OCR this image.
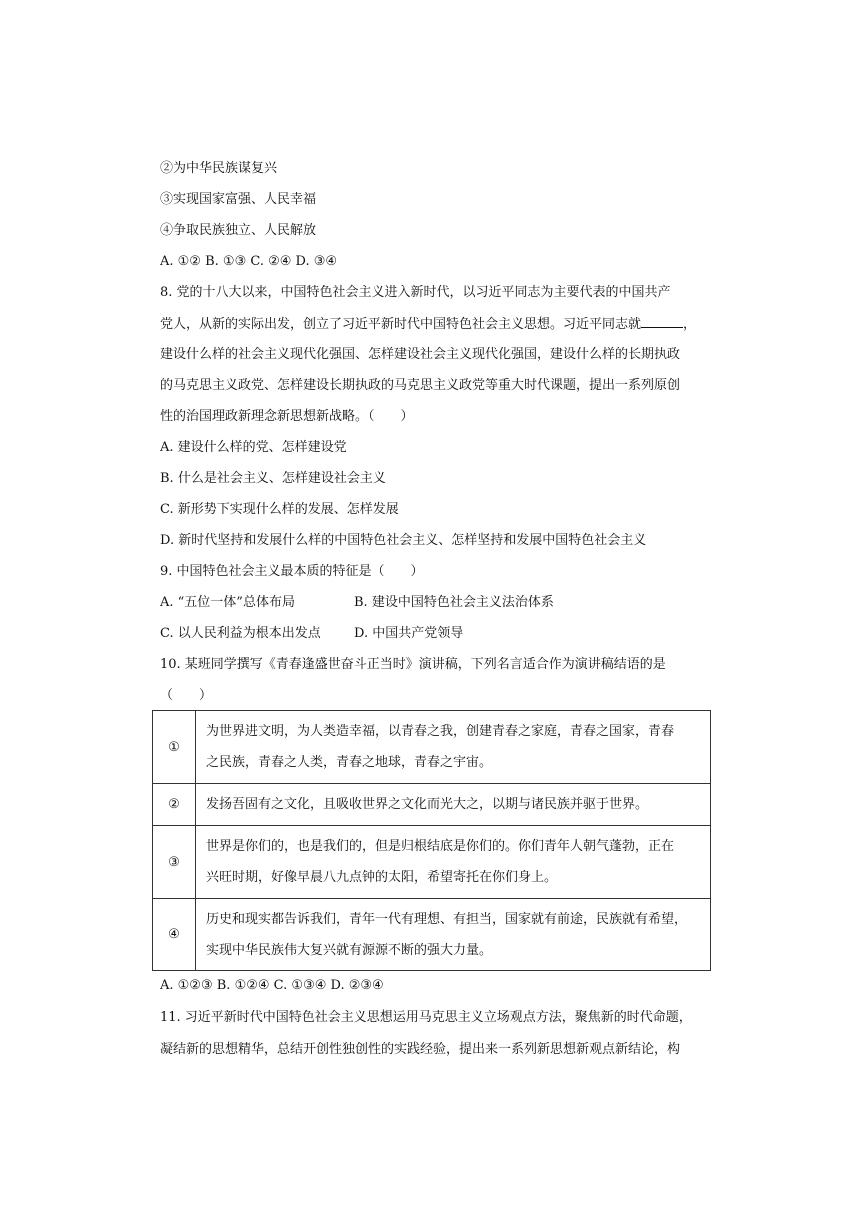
②为中华民族谋复兴
③实现国家富强、人民幸福
④争取民族独立、人民解放
A. ①② B. ①③ C. ②④ D. ③④
8. 党的十八大以来，中国特色社会主义进入新时代，以习近平同志为主要代表的中国共产
党人，从新的实际出发，创立了习近平新时代中国特色社会主义思想。习近平同志就	，
建设什么样的社会主义现代化强国、怎样建设社会主义现代化强国，建设什么样的长期执政
的马克思主义政党、怎样建设长期执政的马克思主义政党等重大时代课题，提出一系列原创
性的治国理政新理念新思想新战略。（　　）
A. 建设什么样的党、怎样建设党
B. 什么是社会主义、怎样建设社会主义
C. 新形势下实现什么样的发展、怎样发展
D. 新时代坚持和发展什么样的中国特色社会主义、怎样坚持和发展中国特色社会主义
9. 中国特色社会主义最本质的特征是（　　）
A. “五位一体”总体布局	B. 建设中国特色社会主义法治体系
C. 以人民利益为根本出发点	D. 中国共产党领导
10. 某班同学撰写《青春逢盛世奋斗正当时》演讲稿，下列名言适合作为演讲稿结语的是
（　　）
①	为世界进文明，为人类造幸福，以青春之我，创建青春之家庭，青春之国家，青春
之民族，青春之人类，青春之地球，青春之宇宙。

②	发扬吾固有之文化，且吸收世界之文化而光大之，以期与诸民族并驱于世界。

③	世界是你们的，也是我们的，但是归根结底是你们的。你们青年人朝气蓬勃，正在
兴旺时期，好像早晨八九点钟的太阳，希望寄托在你们身上。

④	历史和现实都告诉我们，青年一代有理想、有担当，国家就有前途，民族就有希望，
实现中华民族伟大复兴就有源源不断的强大力量。
A. ①②③ B. ①②④ C. ①③④ D. ②③④
11. 习近平新时代中国特色社会主义思想运用马克思主义立场观点方法，聚焦新的时代命题，
凝结新的思想精华，总结开创性独创性的实践经验，提出来一系列新思想新观点新结论，构
